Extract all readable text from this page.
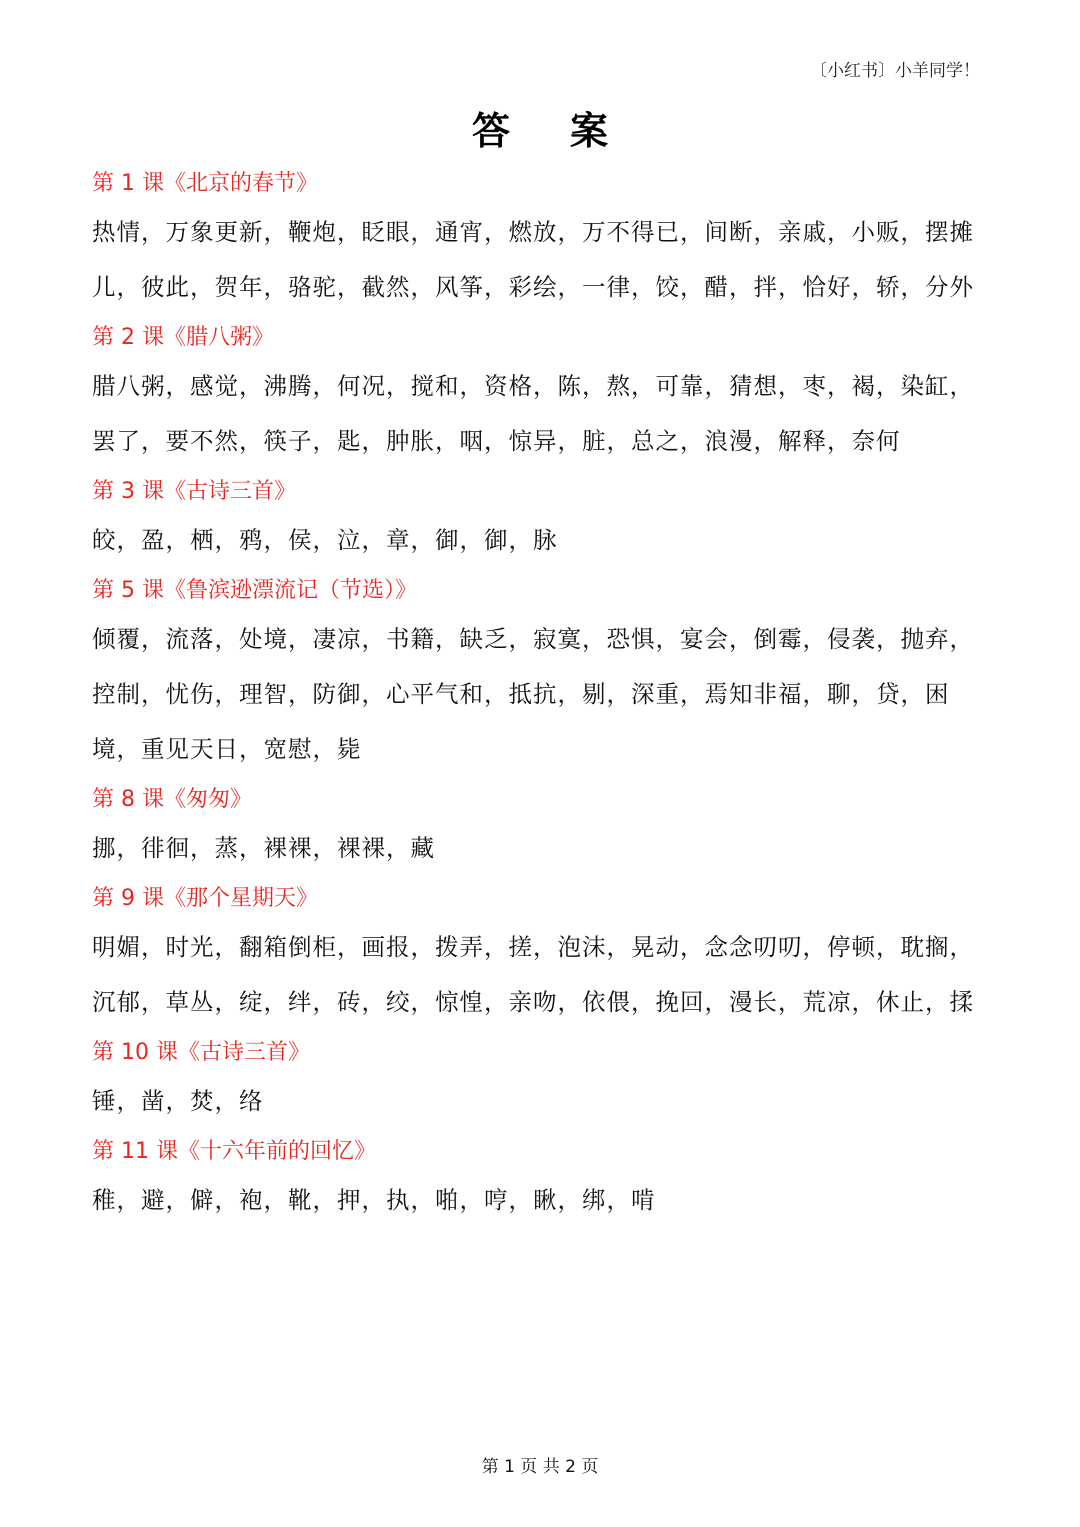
〔小红书〕小羊同学！
答案

第 1 课《北京的春节》

热情，万象更新，鞭炮，眨眼，通宵，燃放，万不得已，间断，亲戚，小贩，摆摊儿，彼此，贺年，骆驼，截然，风筝，彩绘，一律，饺，醋，拌，恰好，轿，分外

第 2 课《腊八粥》

腊八粥，感觉，沸腾，何况，搅和，资格，陈，熬，可靠，猜想，枣，褐，染缸，罢了，要不然，筷子，匙，肿胀，咽，惊异，脏，总之，浪漫，解释，奈何

第 3 课《古诗三首》

皎，盈，栖，鸦，侯，泣，章，御，御，脉

第 5 课《鲁滨逊漂流记（节选）》

倾覆，流落，处境，凄凉，书籍，缺乏，寂寞，恐惧，宴会，倒霉，侵袭，抛弃，控制，忧伤，理智，防御，心平气和，抵抗，剔，深重，焉知非福，聊，贷，困境，重见天日，宽慰，毙

第 8 课《匆匆》

挪，徘徊，蒸，裸裸，裸裸，藏

第 9 课《那个星期天》

明媚，时光，翻箱倒柜，画报，拨弄，搓，泡沫，晃动，念念叨叨，停顿，耽搁，沉郁，草丛，绽，绊，砖，绞，惊惶，亲吻，依偎，挽回，漫长，荒凉，休止，揉

第 10 课《古诗三首》

锤，凿，焚，络

第 11 课《十六年前的回忆》

稚，避，僻，袍，靴，押，执，啪，哼，瞅，绑，啃

第 1 页 共 2 页
